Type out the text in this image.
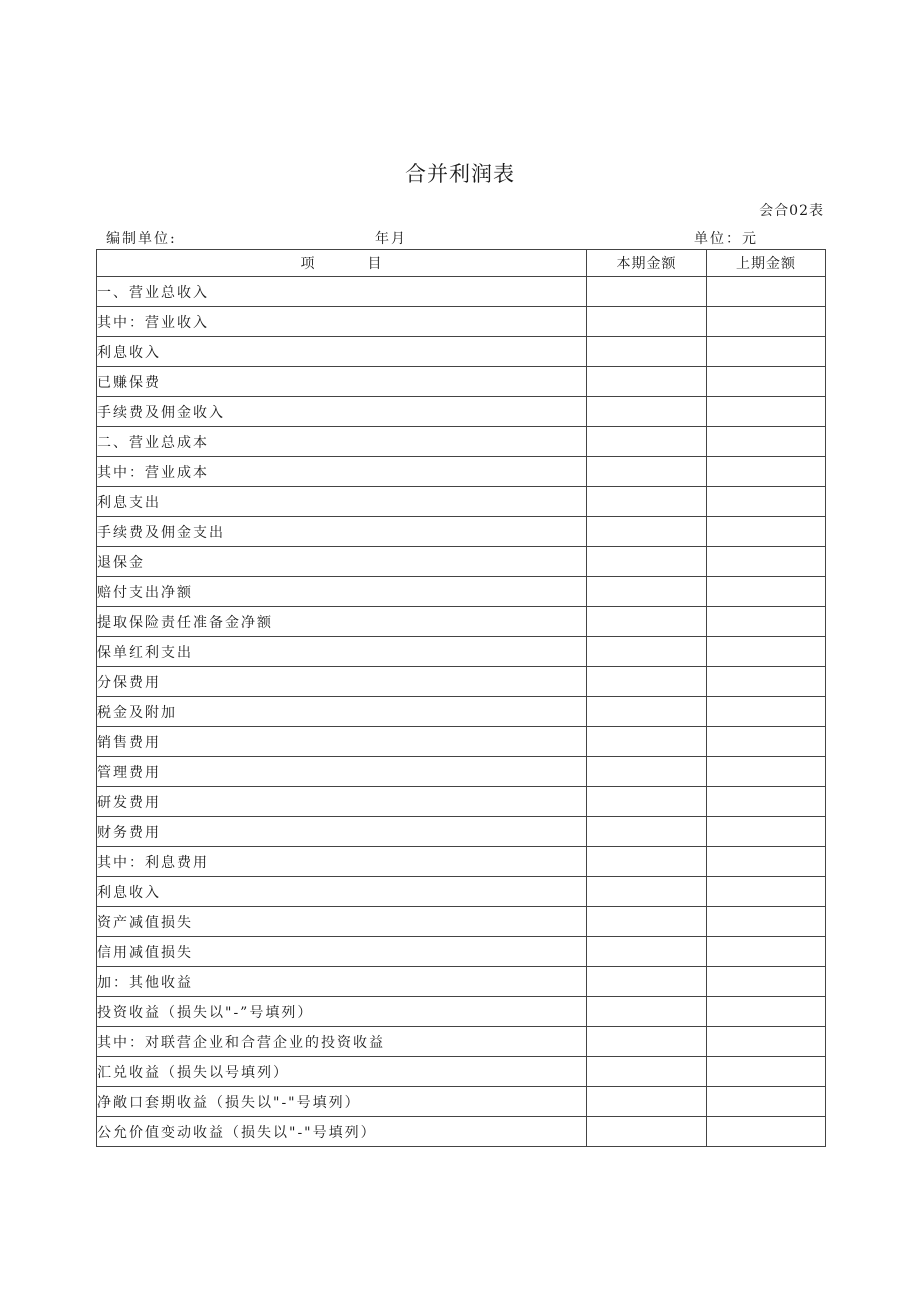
合并利润表
会合02表
编制单位:	年月	单位：元
项 目	本期金额	上期金额
一、营业总收入		
其中：营业收入		
利息收入		
已赚保费		
手续费及佣金收入		
二、营业总成本		
其中：营业成本		
利息支出		
手续费及佣金支出		
退保金		
赔付支出净额		
提取保险责任准备金净额		
保单红利支出		
分保费用		
税金及附加		
销售费用		
管理费用		
研发费用		
财务费用		
其中：利息费用		
利息收入		
资产减值损失		
信用减值损失		
加：其他收益		
投资收益（损失以"-”号填列）		
其中：对联营企业和合营企业的投资收益		
汇兑收益（损失以号填列）		
净敞口套期收益（损失以"-"号填列）		
公允价值变动收益（损失以"-"号填列）		
